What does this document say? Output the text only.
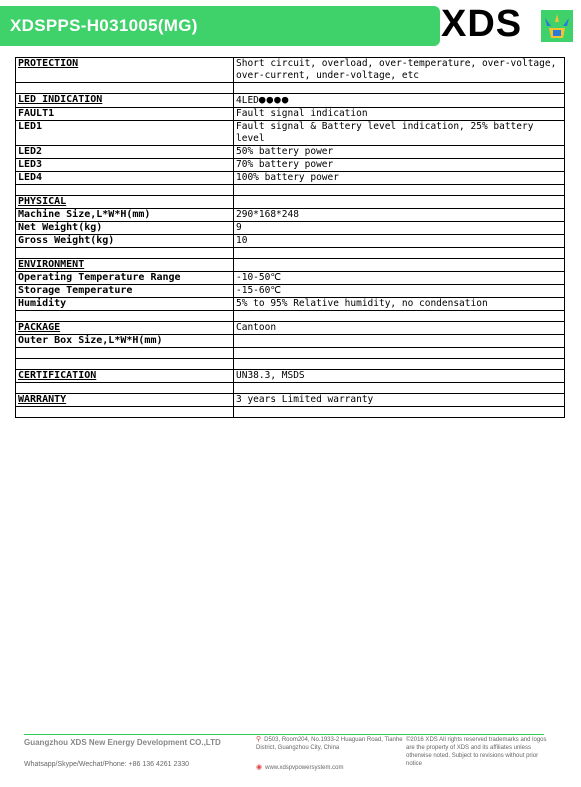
XDSPPS-H031005(MG)	XDS
PROTECTION	Short circuit, overload, over-temperature, over-voltage, over-current, under-voltage, etc

LED INDICATION	4LED●●●●
FAULT1	Fault signal indication
LED1	Fault signal & Battery level indication, 25% battery level
LED2	50% battery power
LED3	70% battery power
LED4	100% battery power

PHYSICAL	
Machine Size,L*W*H(mm)	290*168*248
Net Weight(kg)	9
Gross Weight(kg)	10

ENVIRONMENT	
Operating Temperature Range	-10-50℃
Storage Temperature	-15-60℃
Humidity	5% to 95% Relative humidity, no condensation

PACKAGE	Cantoon
Outer Box Size,L*W*H(mm)	

CERTIFICATION	UN38.3, MSDS

WARRANTY	3 years Limited warranty

Guangzhou XDS New Energy Development CO.,LTD
Whatsapp/Skype/Wechat/Phone: +86 136 4261 2330
⚲ D503, Room204, No.1933-2 Huaguan Road, Tianhe District, Guangzhou City, China
◉ www.xdspvpowersystem.com
©2016 XDS All rights reserved trademarks and logos are the property of XDS and its affiliates unless otherwise noted. Subject to revisions without prior notice
